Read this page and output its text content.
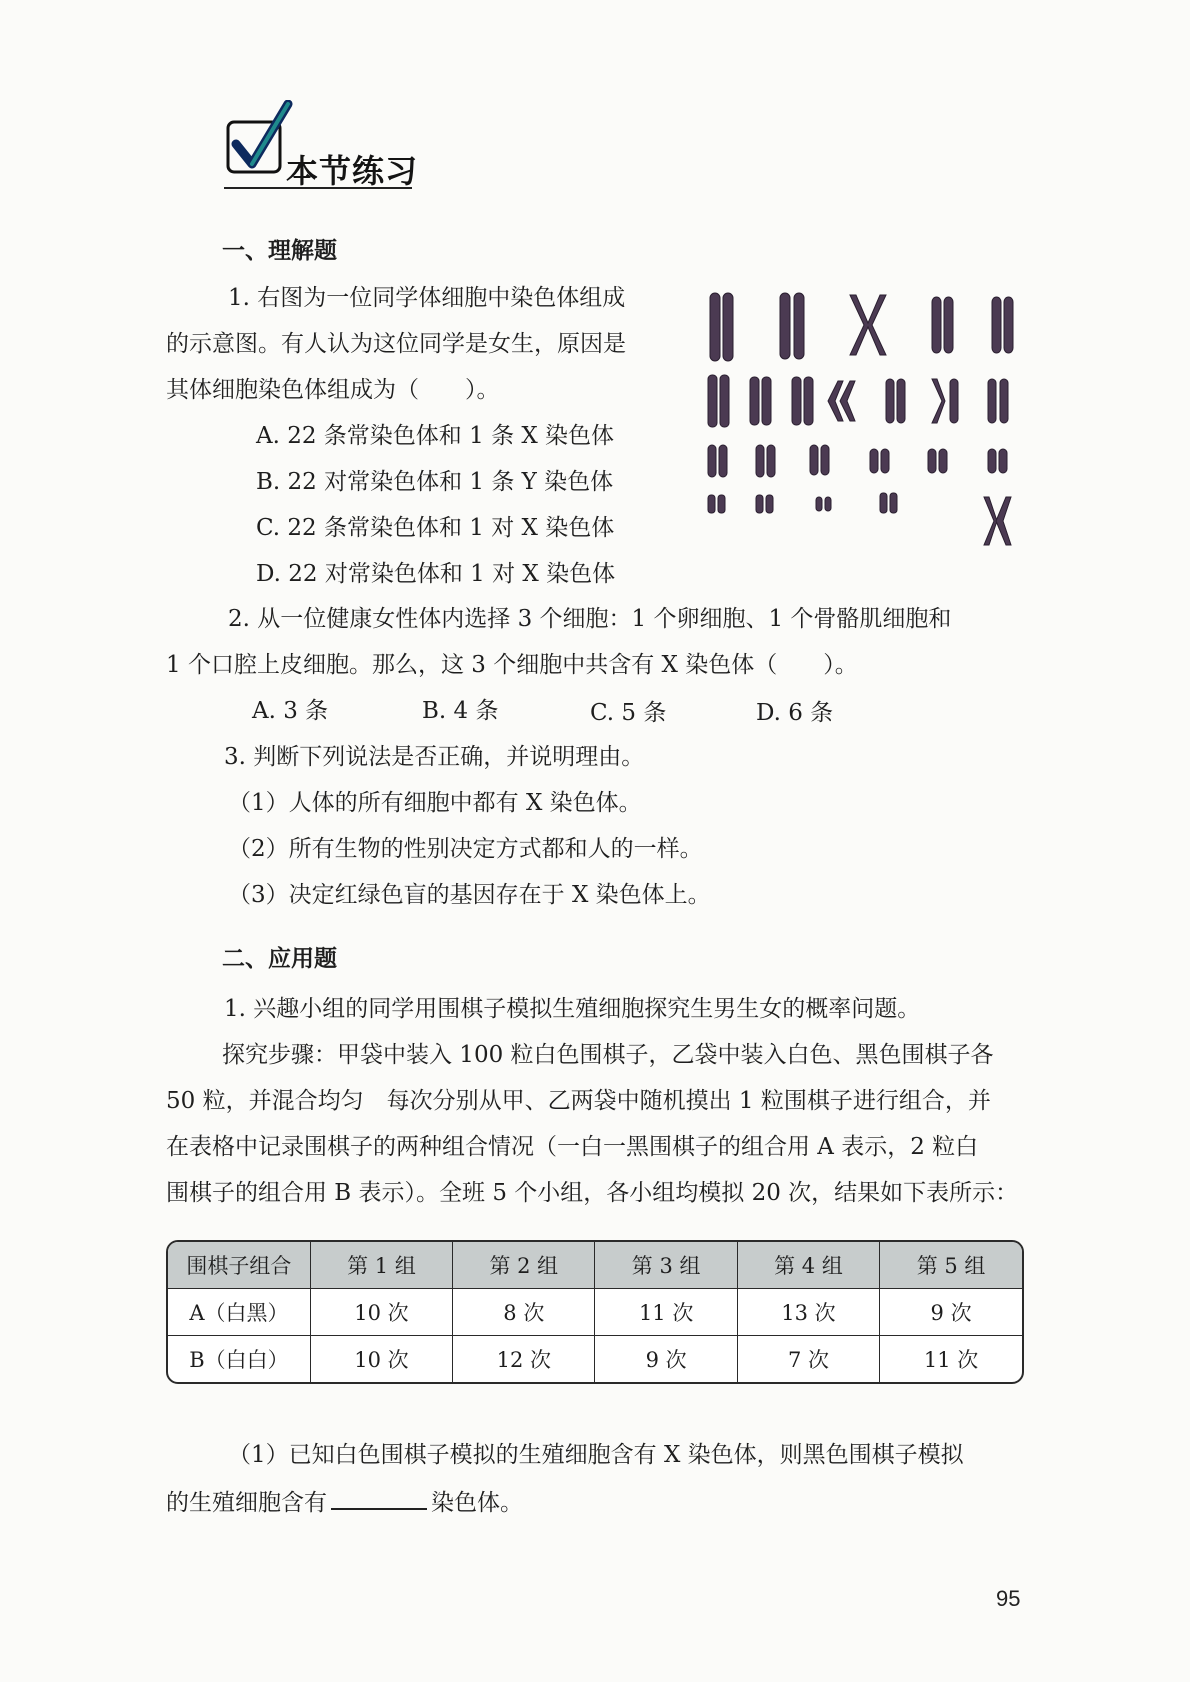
本节练习
一、理解题
1. 右图为一位同学体细胞中染色体组成
的示意图。有人认为这位同学是女生，原因是
其体细胞染色体组成为（　　）。
A. 22 条常染色体和 1 条 X 染色体
B. 22 对常染色体和 1 条 Y 染色体
C. 22 条常染色体和 1 对 X 染色体
D. 22 对常染色体和 1 对 X 染色体
2. 从一位健康女性体内选择 3 个细胞：1 个卵细胞、1 个骨骼肌细胞和
1 个口腔上皮细胞。那么，这 3 个细胞中共含有 X 染色体（　　）。
A. 3 条	B. 4 条	C. 5 条	D. 6 条
3. 判断下列说法是否正确，并说明理由。
（1）人体的所有细胞中都有 X 染色体。
（2）所有生物的性别决定方式都和人的一样。
（3）决定红绿色盲的基因存在于 X 染色体上。
二、应用题
1. 兴趣小组的同学用围棋子模拟生殖细胞探究生男生女的概率问题。
探究步骤：甲袋中装入 100 粒白色围棋子，乙袋中装入白色、黑色围棋子各
50 粒，并混合均匀　每次分别从甲、乙两袋中随机摸出 1 粒围棋子进行组合，并
在表格中记录围棋子的两种组合情况（一白一黑围棋子的组合用 A 表示，2 粒白
围棋子的组合用 B 表示）。全班 5 个小组，各小组均模拟 20 次，结果如下表所示：
围棋子组合	第 1 组	第 2 组	第 3 组	第 4 组	第 5 组
A（白黑）	10 次	8 次	11 次	13 次	9 次
B（白白）	10 次	12 次	9 次	7 次	11 次
（1）已知白色围棋子模拟的生殖细胞含有 X 染色体，则黑色围棋子模拟
的生殖细胞含有	染色体。
95
